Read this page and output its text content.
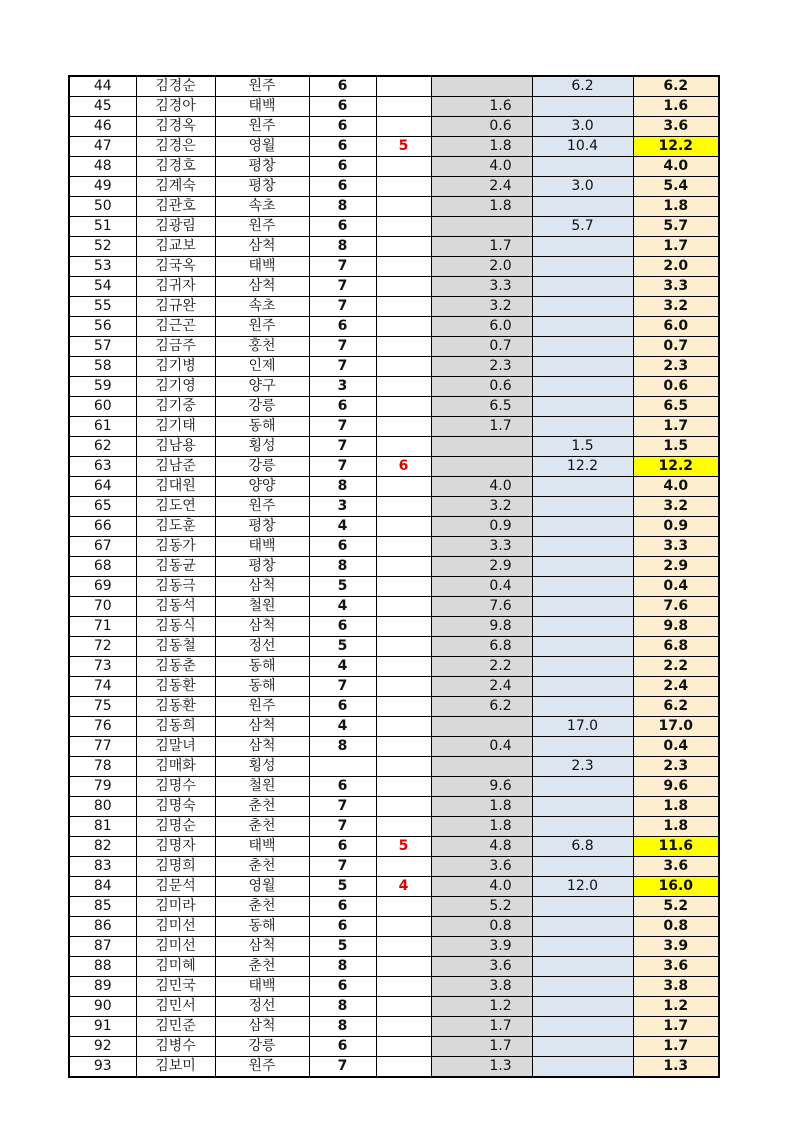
44	김경순	원주	6			6.2	6.2
45	김경아	태백	6		1.6		1.6
46	김경옥	원주	6		0.6	3.0	3.6
47	김경은	영월	6	5	1.8	10.4	12.2
48	김경호	평창	6		4.0		4.0
49	김계숙	평창	6		2.4	3.0	5.4
50	김관호	속초	8		1.8		1.8
51	김광림	원주	6			5.7	5.7
52	김교보	삼척	8		1.7		1.7
53	김국옥	태백	7		2.0		2.0
54	김귀자	삼척	7		3.3		3.3
55	김규완	속초	7		3.2		3.2
56	김근곤	원주	6		6.0		6.0
57	김금주	홍천	7		0.7		0.7
58	김기병	인제	7		2.3		2.3
59	김기영	양구	3		0.6		0.6
60	김기중	강릉	6		6.5		6.5
61	김기태	동해	7		1.7		1.7
62	김남용	횡성	7			1.5	1.5
63	김남준	강릉	7	6		12.2	12.2
64	김대원	양양	8		4.0		4.0
65	김도연	원주	3		3.2		3.2
66	김도훈	평창	4		0.9		0.9
67	김동가	태백	6		3.3		3.3
68	김동균	평창	8		2.9		2.9
69	김동극	삼척	5		0.4		0.4
70	김동석	철원	4		7.6		7.6
71	김동식	삼척	6		9.8		9.8
72	김동철	정선	5		6.8		6.8
73	김동춘	동해	4		2.2		2.2
74	김동환	동해	7		2.4		2.4
75	김동환	원주	6		6.2		6.2
76	김동희	삼척	4			17.0	17.0
77	김말녀	삼척	8		0.4		0.4
78	김매화	횡성				2.3	2.3
79	김명수	철원	6		9.6		9.6
80	김명숙	춘천	7		1.8		1.8
81	김명순	춘천	7		1.8		1.8
82	김명자	태백	6	5	4.8	6.8	11.6
83	김명희	춘천	7		3.6		3.6
84	김문석	영월	5	4	4.0	12.0	16.0
85	김미라	춘천	6		5.2		5.2
86	김미선	동해	6		0.8		0.8
87	김미선	삼척	5		3.9		3.9
88	김미혜	춘천	8		3.6		3.6
89	김민국	태백	6		3.8		3.8
90	김민서	정선	8		1.2		1.2
91	김민준	삼척	8		1.7		1.7
92	김병수	강릉	6		1.7		1.7
93	김보미	원주	7		1.3		1.3
